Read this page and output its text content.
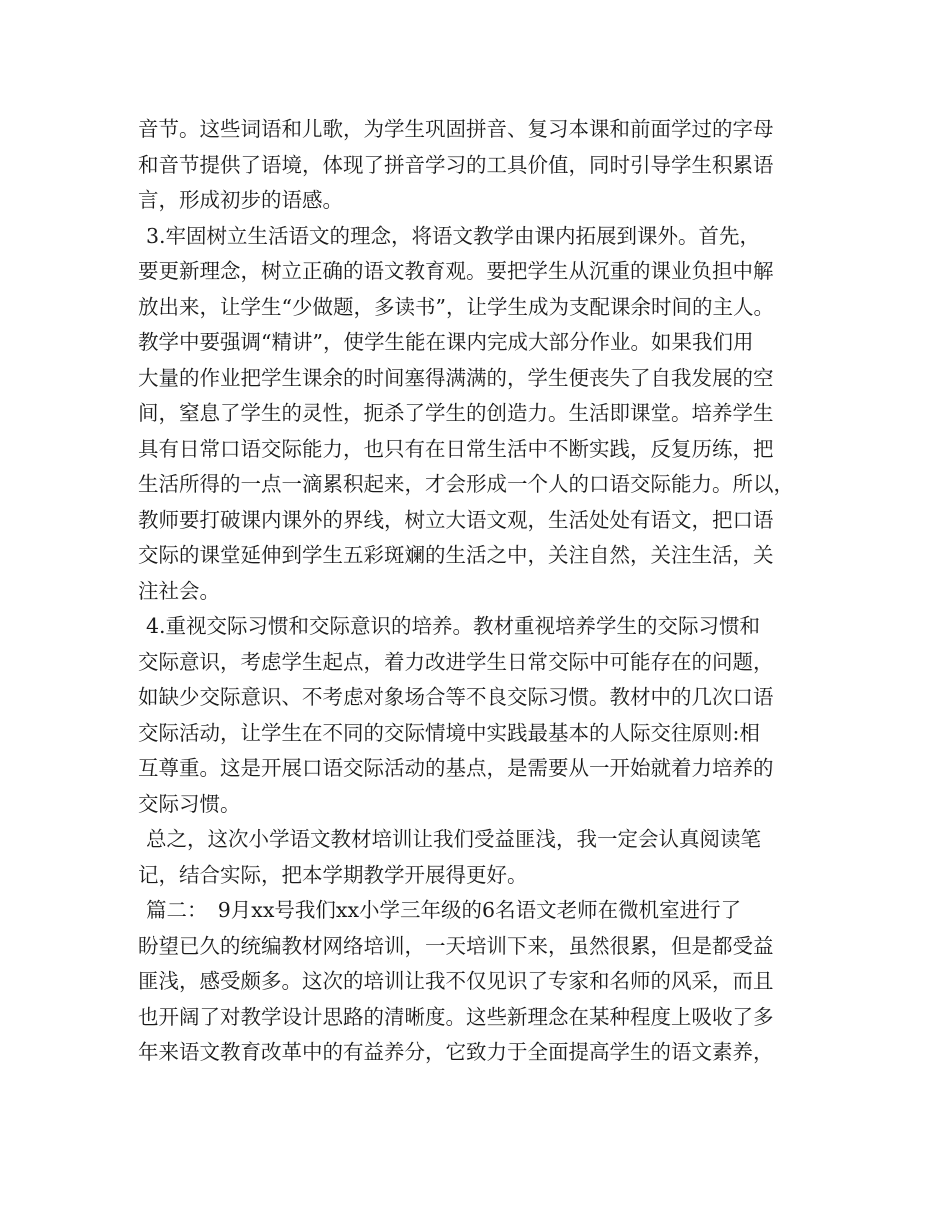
音节。这些词语和儿歌，为学生巩固拼音、复习本课和前面学过的字母
和音节提供了语境，体现了拼音学习的工具价值，同时引导学生积累语
言，形成初步的语感。
3.牢固树立生活语文的理念，将语文教学由课内拓展到课外。首先，
要更新理念，树立正确的语文教育观。要把学生从沉重的课业负担中解
放出来，让学生“少做题，多读书”，让学生成为支配课余时间的主人。
教学中要强调“精讲”，使学生能在课内完成大部分作业。如果我们用
大量的作业把学生课余的时间塞得满满的，学生便丧失了自我发展的空
间，窒息了学生的灵性，扼杀了学生的创造力。生活即课堂。培养学生
具有日常口语交际能力，也只有在日常生活中不断实践，反复历练，把
生活所得的一点一滴累积起来，才会形成一个人的口语交际能力。所以，
教师要打破课内课外的界线，树立大语文观，生活处处有语文，把口语
交际的课堂延伸到学生五彩斑斓的生活之中，关注自然，关注生活，关
注社会。
4.重视交际习惯和交际意识的培养。教材重视培养学生的交际习惯和
交际意识，考虑学生起点，着力改进学生日常交际中可能存在的问题，
如缺少交际意识、不考虑对象场合等不良交际习惯。教材中的几次口语
交际活动，让学生在不同的交际情境中实践最基本的人际交往原则:相
互尊重。这是开展口语交际活动的基点，是需要从一开始就着力培养的
交际习惯。
总之，这次小学语文教材培训让我们受益匪浅，我一定会认真阅读笔
记，结合实际，把本学期教学开展得更好。
篇二：　9月xx号我们xx小学三年级的6名语文老师在微机室进行了
盼望已久的统编教材网络培训，一天培训下来，虽然很累，但是都受益
匪浅，感受颇多。这次的培训让我不仅见识了专家和名师的风采，而且
也开阔了对教学设计思路的清晰度。这些新理念在某种程度上吸收了多
年来语文教育改革中的有益养分，它致力于全面提高学生的语文素养，
